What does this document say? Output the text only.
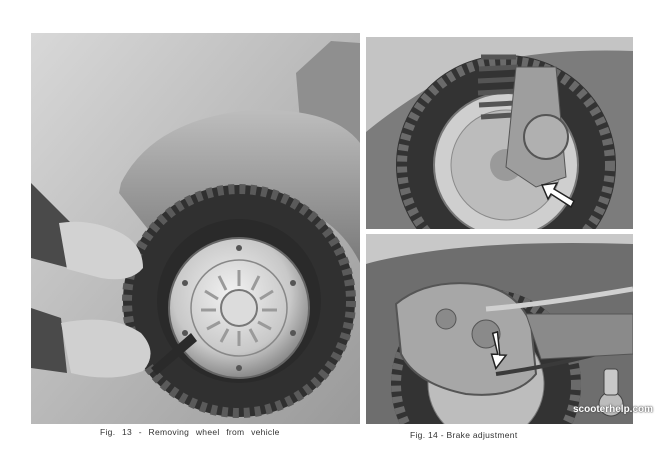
Fig. 13 - Removing wheel from vehicle	Fig. 14 - Brake adjustment
scooterhelp.com
